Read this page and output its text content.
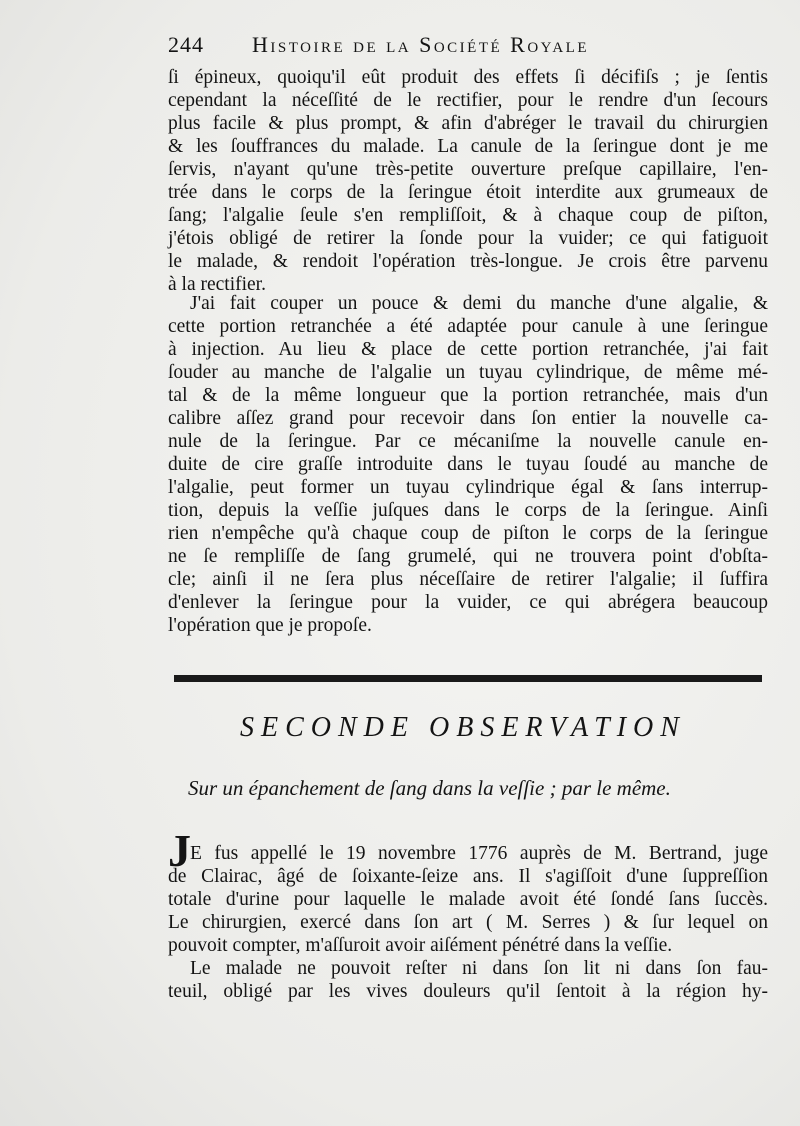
244 Histoire de la Société Royale
ſi épineux, quoiqu'il eût produit des effets ſi décifiſs ; je ſentis
cependant la néceſſité de le rectifier, pour le rendre d'un ſecours
plus facile & plus prompt, & afin d'abréger le travail du chirurgien
& les ſouffrances du malade. La canule de la ſeringue dont je me
ſervis, n'ayant qu'une très-petite ouverture preſque capillaire, l'en-
trée dans le corps de la ſeringue étoit interdite aux grumeaux de
ſang; l'algalie ſeule s'en rempliſſoit, & à chaque coup de piſton,
j'étois obligé de retirer la ſonde pour la vuider; ce qui fatiguoit
le malade, & rendoit l'opération très-longue. Je crois être parvenu
à la rectifier.
J'ai fait couper un pouce & demi du manche d'une algalie, &
cette portion retranchée a été adaptée pour canule à une ſeringue
à injection. Au lieu & place de cette portion retranchée, j'ai fait
ſouder au manche de l'algalie un tuyau cylindrique, de même mé-
tal & de la même longueur que la portion retranchée, mais d'un
calibre aſſez grand pour recevoir dans ſon entier la nouvelle ca-
nule de la ſeringue. Par ce mécaniſme la nouvelle canule en-
duite de cire graſſe introduite dans le tuyau ſoudé au manche de
l'algalie, peut former un tuyau cylindrique égal & ſans interrup-
tion, depuis la veſſie juſques dans le corps de la ſeringue. Ainſi
rien n'empêche qu'à chaque coup de piſton le corps de la ſeringue
ne ſe rempliſſe de ſang grumelé, qui ne trouvera point d'obſta-
cle; ainſi il ne ſera plus néceſſaire de retirer l'algalie; il ſuffira
d'enlever la ſeringue pour la vuider, ce qui abrégera beaucoup
l'opération que je propoſe.
SECONDE OBSERVATION
Sur un épanchement de ſang dans la veſſie ; par le même.
J E fus appellé le 19 novembre 1776 auprès de M. Bertrand, juge
de Clairac, âgé de ſoixante-ſeize ans. Il s'agiſſoit d'une ſuppreſſion
totale d'urine pour laquelle le malade avoit été ſondé ſans ſuccès.
Le chirurgien, exercé dans ſon art ( M. Serres ) & ſur lequel on
pouvoit compter, m'aſſuroit avoir aiſément pénétré dans la veſſie.
Le malade ne pouvoit reſter ni dans ſon lit ni dans ſon fau-
teuil, obligé par les vives douleurs qu'il ſentoit à la région hy-
